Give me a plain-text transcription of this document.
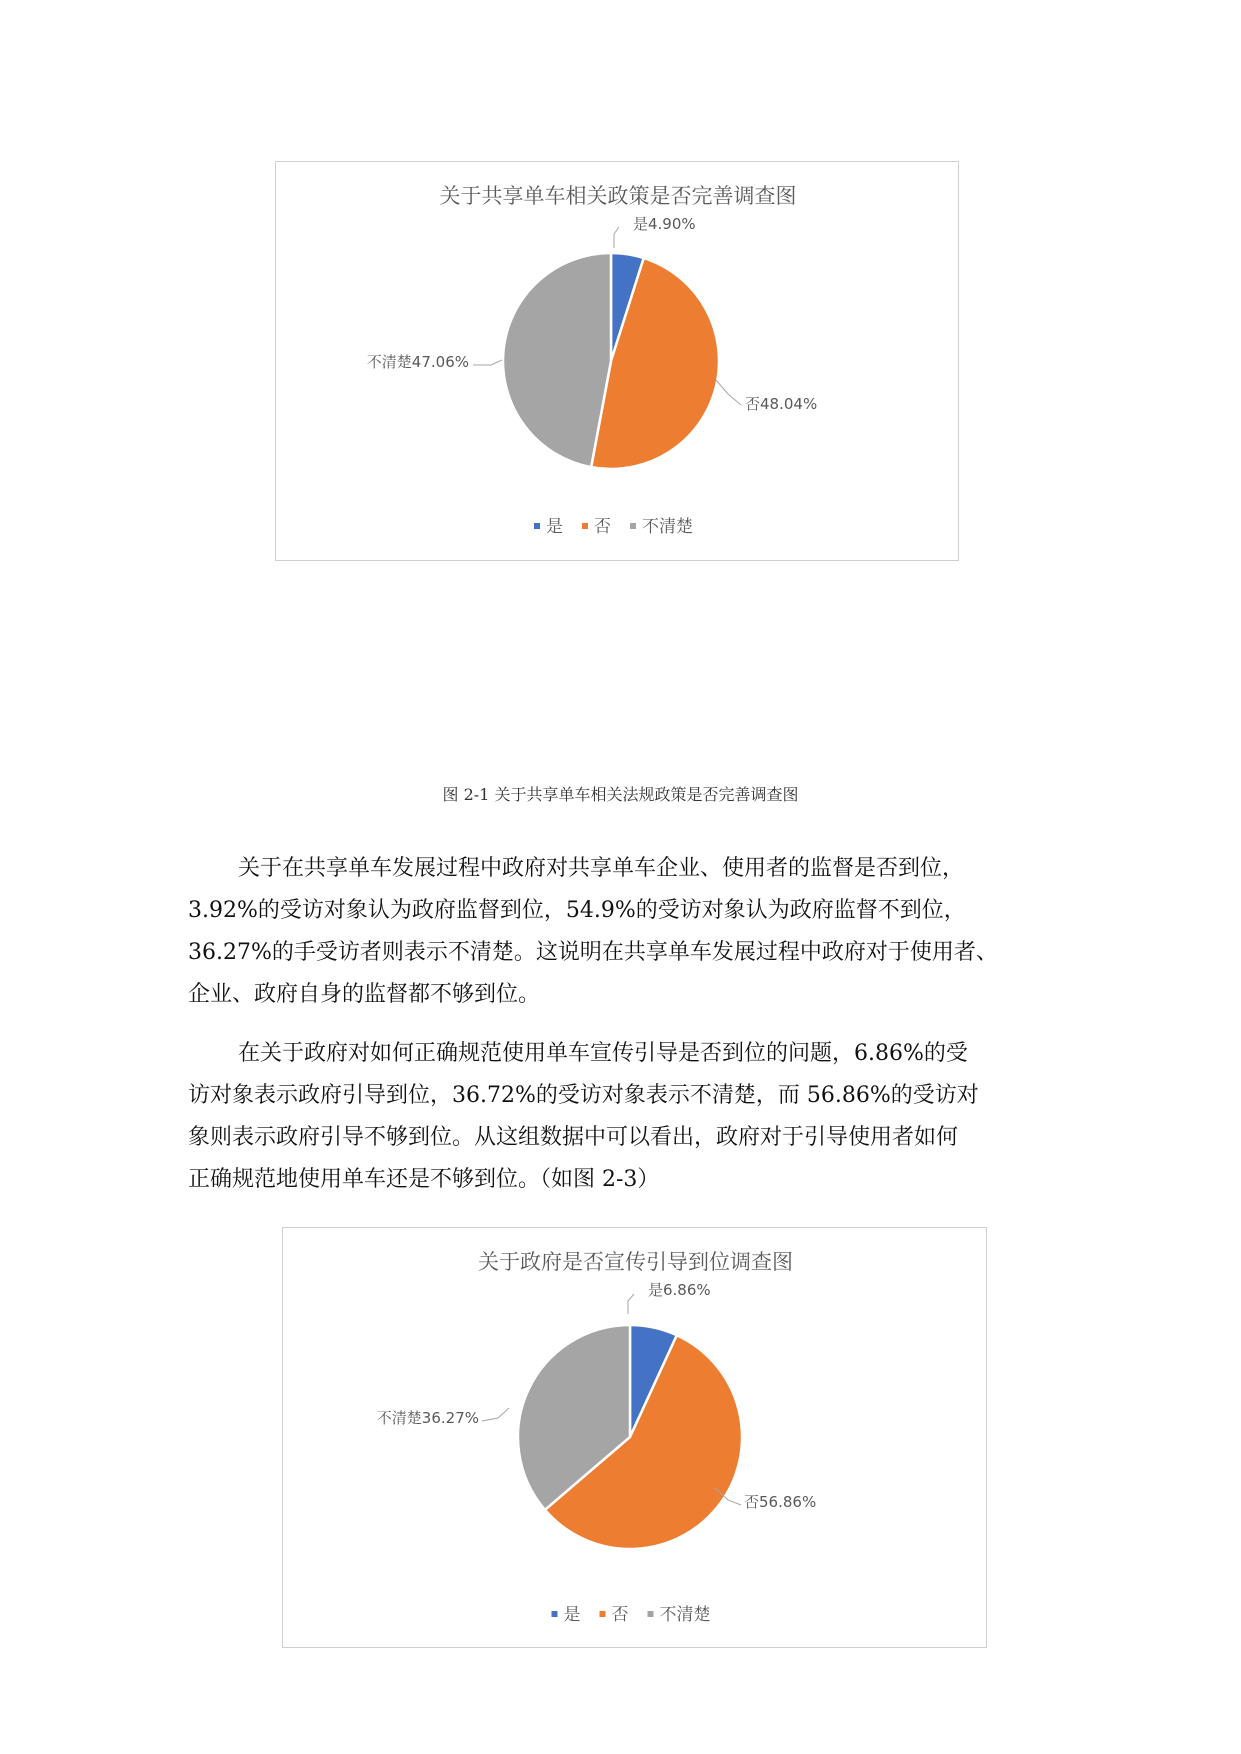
关于共享单车相关政策是否完善调查图
是4.90%
否48.04%
不清楚47.06%
是 否 不清楚
图 2-1 关于共享单车相关法规政策是否完善调查图

关于在共享单车发展过程中政府对共享单车企业、使用者的监督是否到位，
3.92%的受访对象认为政府监督到位，54.9%的受访对象认为政府监督不到位，
36.27%的手受访者则表示不清楚。这说明在共享单车发展过程中政府对于使用者、
企业、政府自身的监督都不够到位。

在关于政府对如何正确规范使用单车宣传引导是否到位的问题，6.86%的受
访对象表示政府引导到位，36.72%的受访对象表示不清楚，而 56.86%的受访对
象则表示政府引导不够到位。从这组数据中可以看出，政府对于引导使用者如何
正确规范地使用单车还是不够到位。（如图 2-3）

关于政府是否宣传引导到位调查图
是6.86%
否56.86%
不清楚36.27%
是 否 不清楚
